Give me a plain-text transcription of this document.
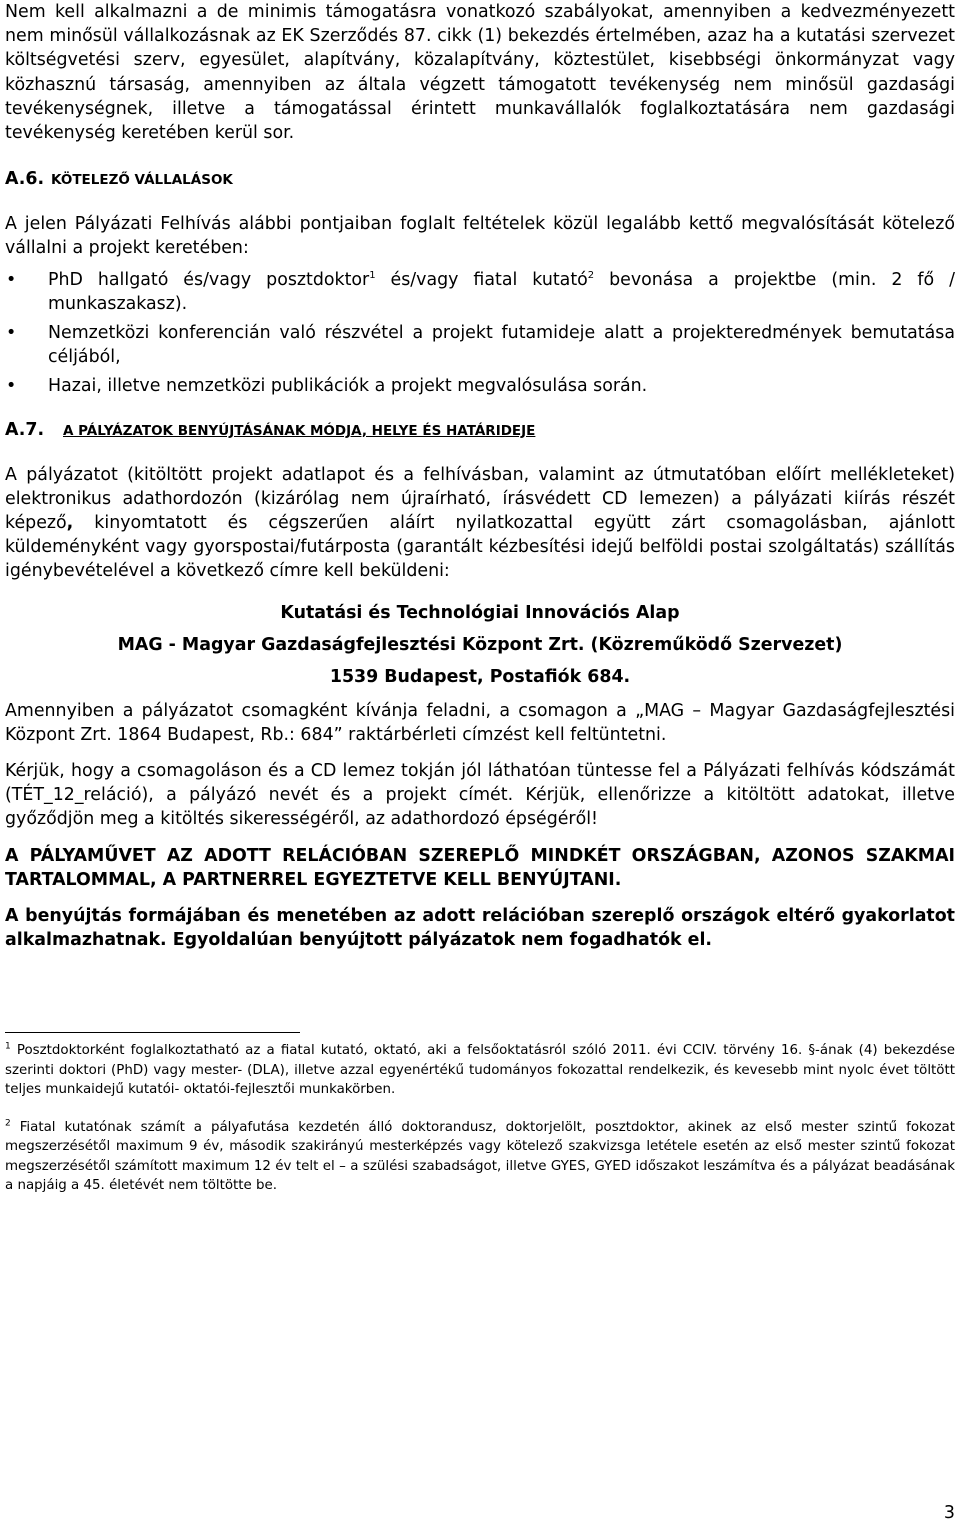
Nem kell alkalmazni a de minimis támogatásra vonatkozó szabályokat, amennyiben a kedvezményezett nem minősül vállalkozásnak az EK Szerződés 87. cikk (1) bekezdés értelmében, azaz ha a kutatási szervezet költségvetési szerv, egyesület, alapítvány, közalapítvány, köztestület, kisebbségi önkormányzat vagy közhasznú társaság, amennyiben az általa végzett támogatott tevékenység nem minősül gazdasági tevékenységnek, illetve a támogatással érintett munkavállalók foglalkoztatására nem gazdasági tevékenység keretében kerül sor.

A.6. KÖTELEZŐ VÁLLALÁSOK

A jelen Pályázati Felhívás alábbi pontjaiban foglalt feltételek közül legalább kettő megvalósítását kötelező vállalni a projekt keretében:

•	PhD hallgató és/vagy posztdoktor$^1$ és/vagy fiatal kutató$^2$ bevonása a projektbe (min. 2 fő / munkaszakasz).
•	Nemzetközi konferencián való részvétel a projekt futamideje alatt a projekteredmények bemutatása céljából,
•	Hazai, illetve nemzetközi publikációk a projekt megvalósulása során.
A.7. A PÁLYÁZATOK BENYÚJTÁSÁNAK MÓDJA, HELYE ÉS HATÁRIDEJE

A pályázatot (kitöltött projekt adatlapot és a felhívásban, valamint az útmutatóban előírt mellékleteket) elektronikus adathordozón (kizárólag nem újraírható, írásvédett CD lemezen) a pályázati kiírás részét képező, kinyomtatott és cégszerűen aláírt nyilatkozattal együtt zárt csomagolásban, ajánlott küldeményként vagy gyorspostai/futárposta (garantált kézbesítési idejű belföldi postai szolgáltatás) szállítás igénybevételével a következő címre kell beküldeni:

Kutatási és Technológiai Innovációs Alap

MAG - Magyar Gazdaságfejlesztési Központ Zrt. (Közreműködő Szervezet)

1539 Budapest, Postafiók 684.

Amennyiben a pályázatot csomagként kívánja feladni, a csomagon a „MAG – Magyar Gazdaságfejlesztési Központ Zrt. 1864 Budapest, Rb.: 684” raktárbérleti címzést kell feltüntetni.

Kérjük, hogy a csomagoláson és a CD lemez tokján jól láthatóan tüntesse fel a Pályázati felhívás kódszámát (TÉT_12_reláció), a pályázó nevét és a projekt címét. Kérjük, ellenőrizze a kitöltött adatokat, illetve győződjön meg a kitöltés sikerességéről, az adathordozó épségéről!

A PÁLYAMŰVET AZ ADOTT RELÁCIÓBAN SZEREPLŐ MINDKÉT ORSZÁGBAN, AZONOS SZAKMAI TARTALOMMAL, A PARTNERREL EGYEZTETVE KELL BENYÚJTANI.

A benyújtás formájában és menetében az adott relációban szereplő országok eltérő gyakorlatot alkalmazhatnak. Egyoldalúan benyújtott pályázatok nem fogadhatók el.

$^1$ Posztdoktorként foglalkoztatható az a fiatal kutató, oktató, aki a felsőoktatásról szóló 2011. évi CCIV. törvény 16. §-ának (4) bekezdése szerinti doktori (PhD) vagy mester- (DLA), illetve azzal egyenértékű tudományos fokozattal rendelkezik, és kevesebb mint nyolc évet töltött teljes munkaidejű kutatói- oktatói-fejlesztői munkakörben.

$^2$ Fiatal kutatónak számít a pályafutása kezdetén álló doktorandusz, doktorjelölt, posztdoktor, akinek az első mester szintű fokozat megszerzésétől maximum 9 év, második szakirányú mesterképzés vagy kötelező szakvizsga letétele esetén az első mester szintű fokozat megszerzésétől számított maximum 12 év telt el – a szülési szabadságot, illetve GYES, GYED időszakot leszámítva és a pályázat beadásának a napjáig a 45. életévét nem töltötte be.

3
